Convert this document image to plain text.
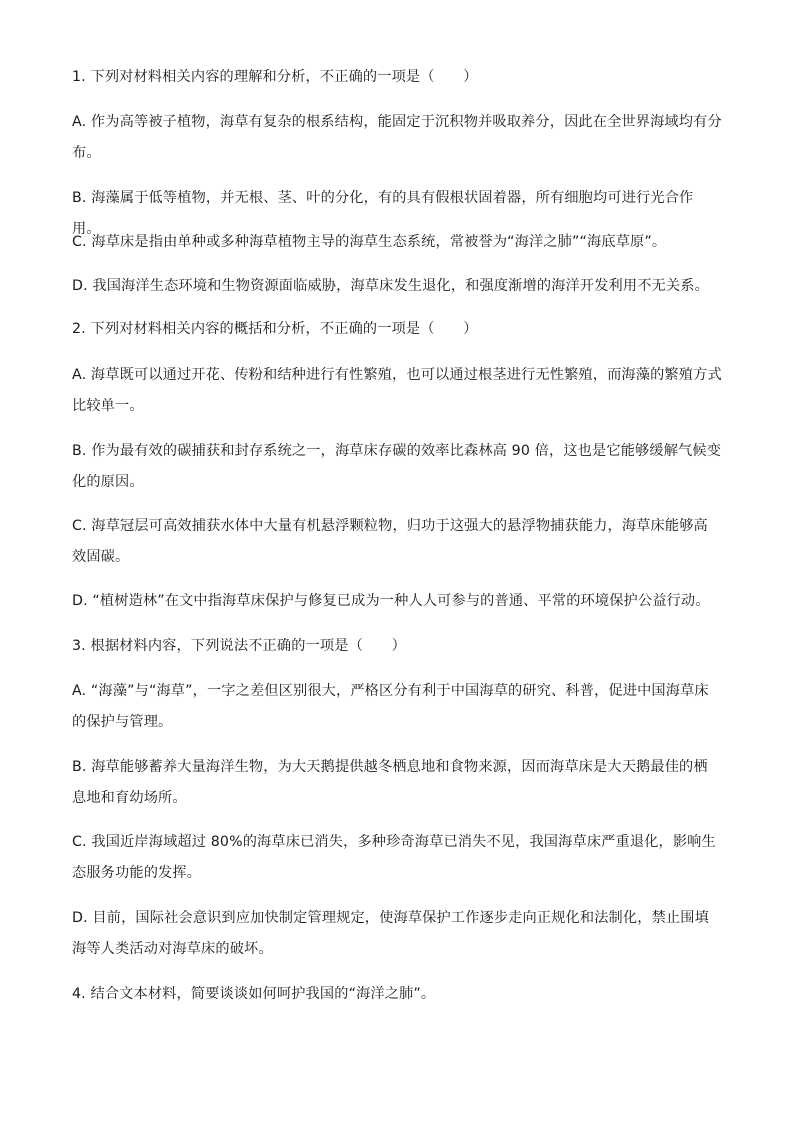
1. 下列对材料相关内容的理解和分析，不正确的一项是（　　）

A. 作为高等被子植物，海草有复杂的根系结构，能固定于沉积物并吸取养分，因此在全世界海域均有分布。

B. 海藻属于低等植物，并无根、茎、叶的分化，有的具有假根状固着器，所有细胞均可进行光合作用。

C. 海草床是指由单种或多种海草植物主导的海草生态系统，常被誉为“海洋之肺”“海底草原”。

D. 我国海洋生态环境和生物资源面临威胁，海草床发生退化，和强度渐增的海洋开发利用不无关系。

2. 下列对材料相关内容的概括和分析，不正确的一项是（　　）

A. 海草既可以通过开花、传粉和结种进行有性繁殖，也可以通过根茎进行无性繁殖，而海藻的繁殖方式比较单一。

B. 作为最有效的碳捕获和封存系统之一，海草床存碳的效率比森林高 90 倍，这也是它能够缓解气候变化的原因。

C. 海草冠层可高效捕获水体中大量有机悬浮颗粒物，归功于这强大的悬浮物捕获能力，海草床能够高效固碳。

D. “植树造林”在文中指海草床保护与修复已成为一种人人可参与的普通、平常的环境保护公益行动。

3. 根据材料内容，下列说法不正确的一项是（　　）

A. “海藻”与“海草”，一字之差但区别很大，严格区分有利于中国海草的研究、科普，促进中国海草床的保护与管理。

B. 海草能够蓄养大量海洋生物，为大天鹅提供越冬栖息地和食物来源，因而海草床是大天鹅最佳的栖息地和育幼场所。

C. 我国近岸海域超过 80%的海草床已消失，多种珍奇海草已消失不见，我国海草床严重退化，影响生态服务功能的发挥。

D. 目前，国际社会意识到应加快制定管理规定，使海草保护工作逐步走向正规化和法制化，禁止围填海等人类活动对海草床的破坏。

4. 结合文本材料，简要谈谈如何呵护我国的“海洋之肺”。
